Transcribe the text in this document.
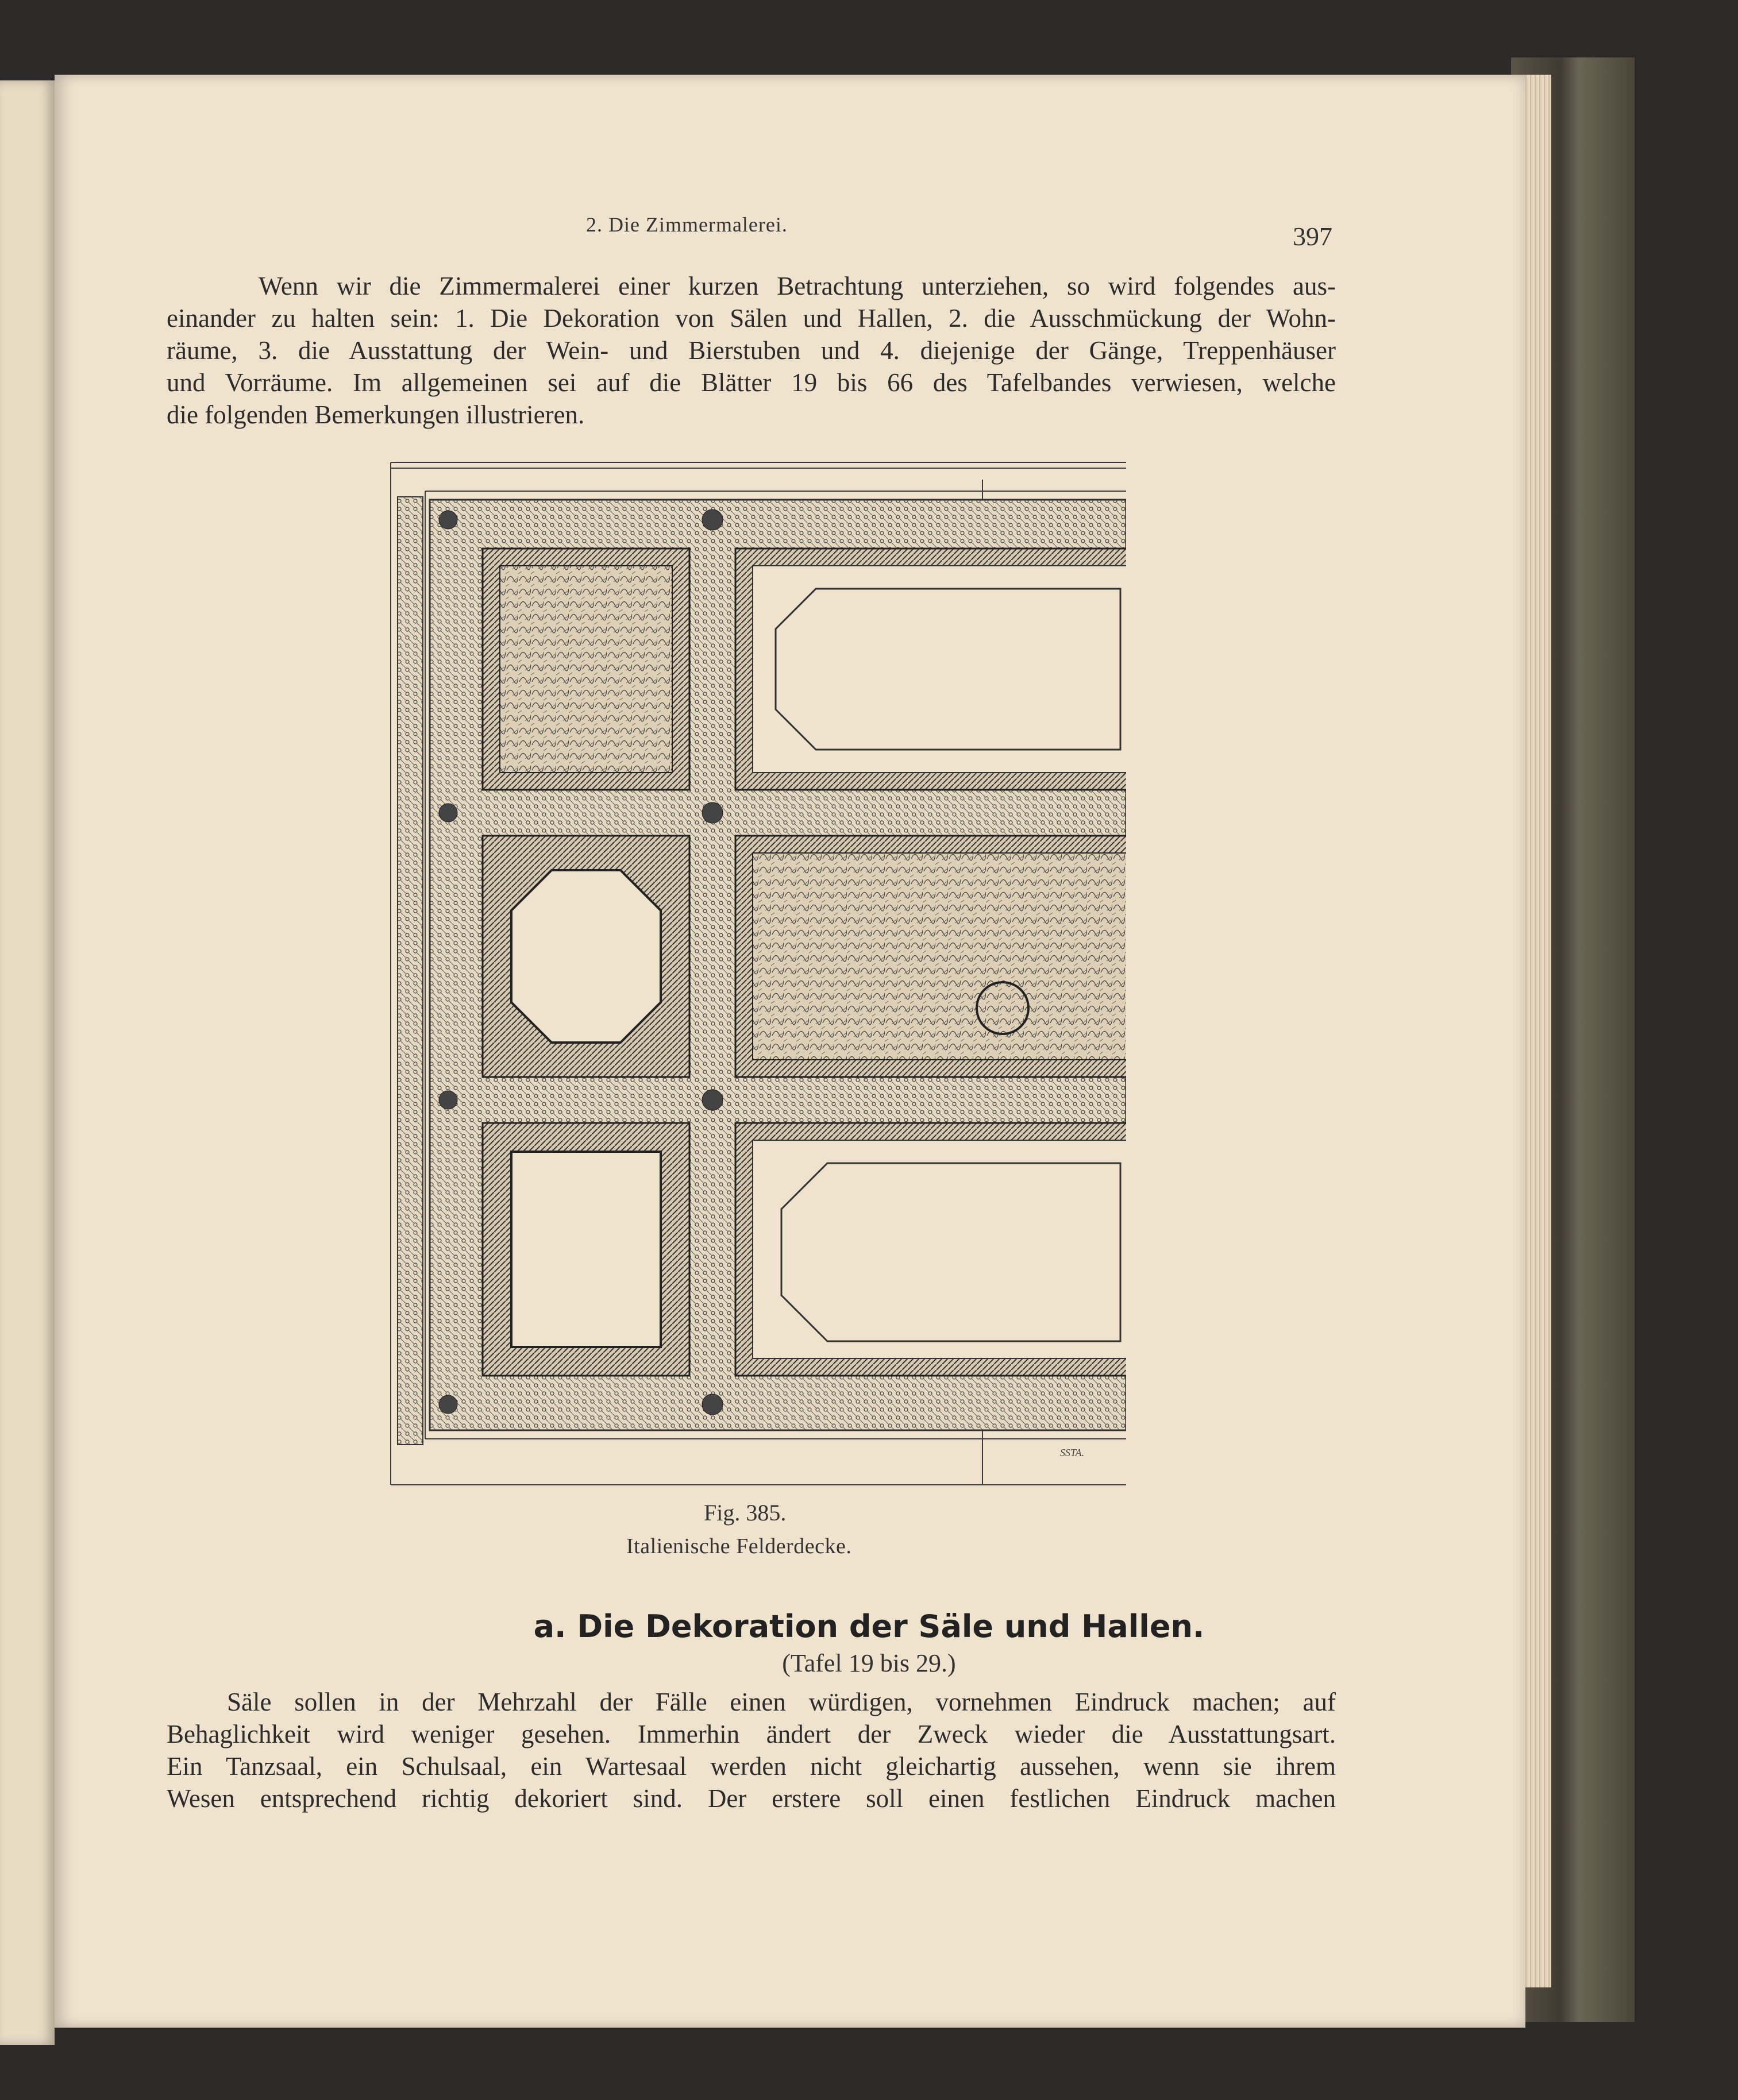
2. Die Zimmermalerei.	397

Wenn wir die Zimmermalerei einer kurzen Betrachtung unterziehen, so wird folgendes aus-
einander zu halten sein: 1. Die Dekoration von Sälen und Hallen, 2. die Ausschmückung der Wohn-
räume, 3. die Ausstattung der Wein- und Bierstuben und 4. diejenige der Gänge, Treppenhäuser
und Vorräume. Im allgemeinen sei auf die Blätter 19 bis 66 des Tafelbandes verwiesen, welche
die folgenden Bemerkungen illustrieren.

SSTA.
Fig. 385.
Italienische Felderdecke.
a. Die Dekoration der Säle und Hallen.
(Tafel 19 bis 29.)

Säle sollen in der Mehrzahl der Fälle einen würdigen, vornehmen Eindruck machen; auf
Behaglichkeit wird weniger gesehen. Immerhin ändert der Zweck wieder die Ausstattungsart.
Ein Tanzsaal, ein Schulsaal, ein Wartesaal werden nicht gleichartig aussehen, wenn sie ihrem
Wesen entsprechend richtig dekoriert sind. Der erstere soll einen festlichen Eindruck machen
